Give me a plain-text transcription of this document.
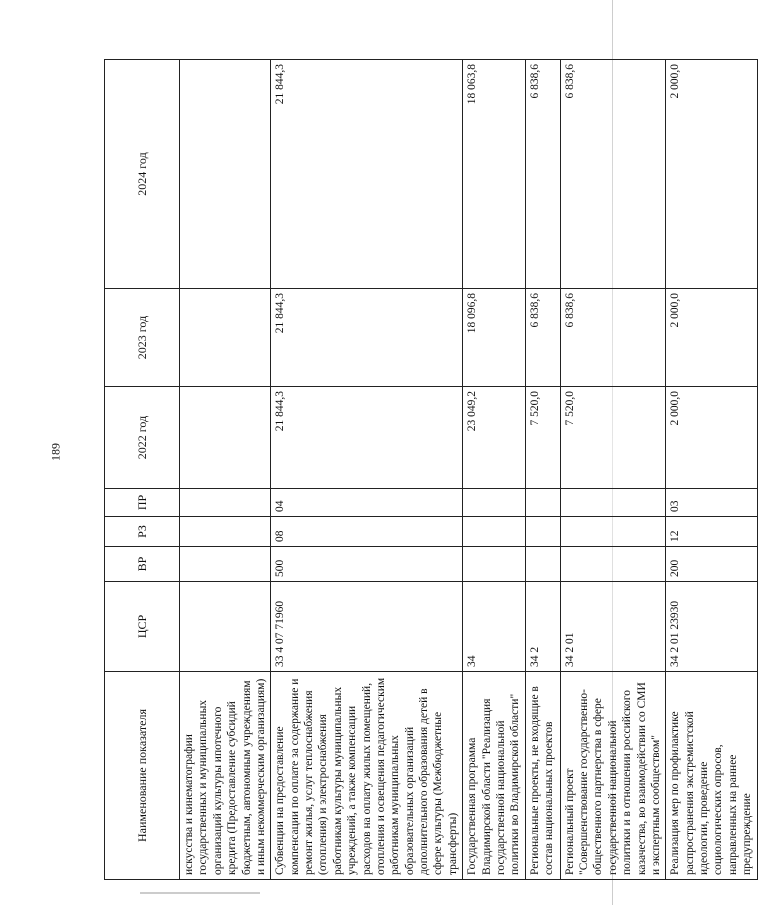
189
Наименование показателя	ЦСР	ВР	РЗ	ПР	2022 год	2023 год	2024 год
искусства и кинематографии государственных и муниципальных организаций культуры ипотечного кредита (Предоставление субсидий бюджетным, автономным учреждениям и иным некоммерческим организациям)							
Субвенции на предоставление компенсации по оплате за содержание и ремонт жилья, услуг теплоснабжения (отопления) и электроснабжения работникам культуры муниципальных учреждений, а также компенсации расходов на оплату жилых помещений, отопления и освещения педагогическим работникам муниципальных образовательных организаций дополнительного образования детей в сфере культуры (Межбюджетные трансферты)	33 4 07 71960	500	08	04	21 844,3	21 844,3	21 844,3
Государственная программа Владимирской области "Реализация государственной национальной политики во Владимирской области"	34				23 049,2	18 096,8	18 063,8
Региональные проекты, не входящие в состав национальных проектов	34 2				7 520,0	6 838,6	6 838,6
Региональный проект "Совершенствование государственно-общественного партнерства в сфере государственной национальной политики и в отношении российского казачества, во взаимодействии со СМИ и экспертным сообществом"	34 2 01				7 520,0	6 838,6	6 838,6
Реализация мер по профилактике распространения экстремистской идеологии, проведение социологических опросов, направленных на раннее предупреждение	34 2 01 23930	200	12	03	2 000,0	2 000,0	2 000,0
